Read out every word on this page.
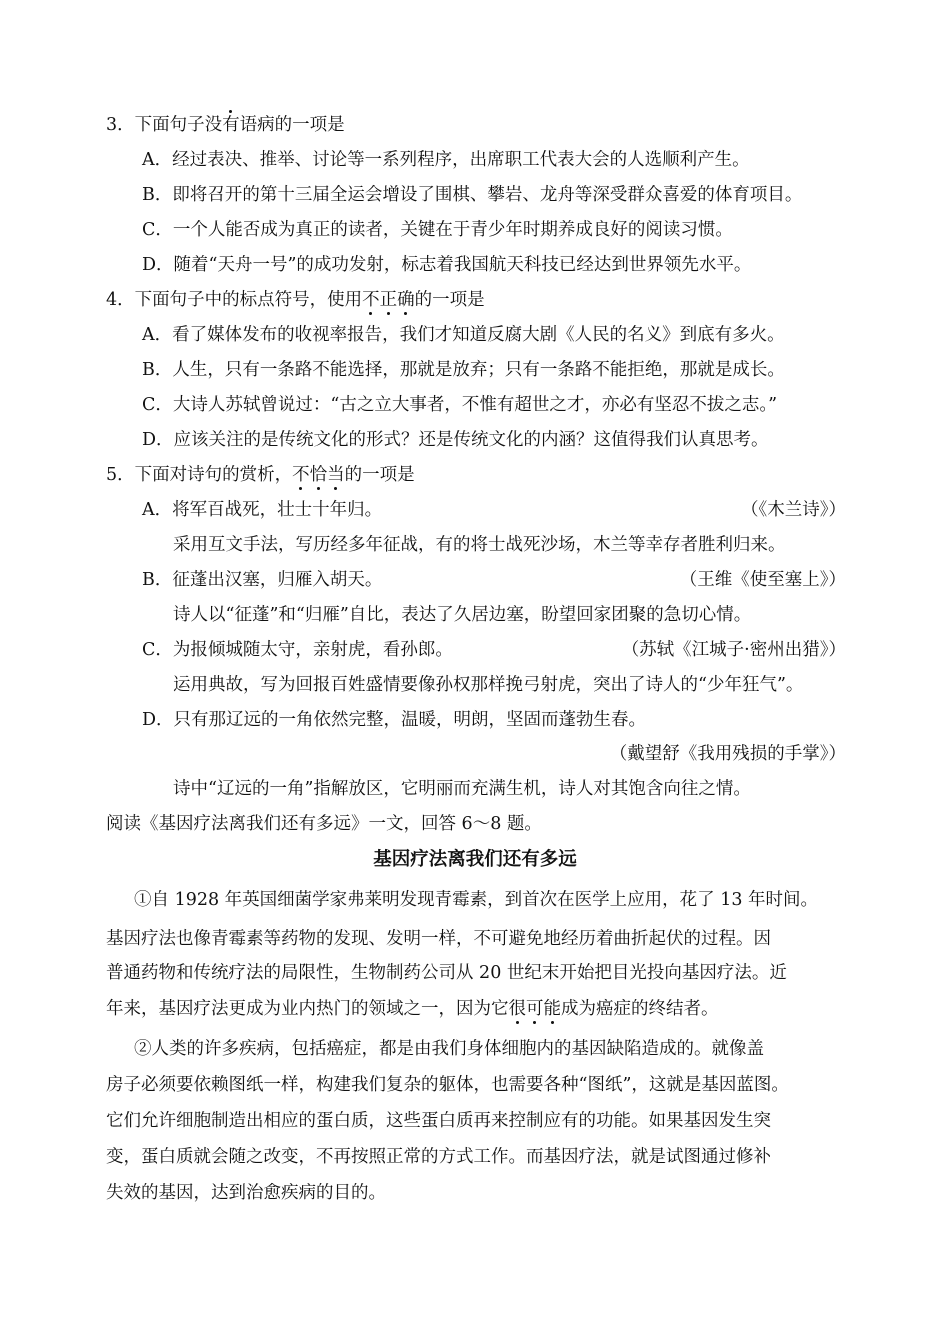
3．下面句子没有语病的一项是
A．经过表决、推举、讨论等一系列程序，出席职工代表大会的人选顺利产生。
B．即将召开的第十三届全运会增设了围棋、攀岩、龙舟等深受群众喜爱的体育项目。
C．一个人能否成为真正的读者，关键在于青少年时期养成良好的阅读习惯。
D．随着“天舟一号”的成功发射，标志着我国航天科技已经达到世界领先水平。
4．下面句子中的标点符号，使用不正确的一项是
A．看了媒体发布的收视率报告，我们才知道反腐大剧《人民的名义》到底有多火。
B．人生，只有一条路不能选择，那就是放弃；只有一条路不能拒绝，那就是成长。
C．大诗人苏轼曾说过：“古之立大事者，不惟有超世之才，亦必有坚忍不拔之志。”
D．应该关注的是传统文化的形式？还是传统文化的内涵？这值得我们认真思考。
5．下面对诗句的赏析，不恰当的一项是
A．将军百战死，壮士十年归。	（《木兰诗》）
采用互文手法，写历经多年征战，有的将士战死沙场，木兰等幸存者胜利归来。
B．征蓬出汉塞，归雁入胡天。	（王维《使至塞上》）
诗人以“征蓬”和“归雁”自比，表达了久居边塞，盼望回家团聚的急切心情。
C．为报倾城随太守，亲射虎，看孙郎。	（苏轼《江城子·密州出猎》）
运用典故，写为回报百姓盛情要像孙权那样挽弓射虎，突出了诗人的“少年狂气”。
D．只有那辽远的一角依然完整，温暖，明朗，坚固而蓬勃生春。
（戴望舒《我用残损的手掌》）
诗中“辽远的一角”指解放区，它明丽而充满生机，诗人对其饱含向往之情。
阅读《基因疗法离我们还有多远》一文，回答 6～8 题。
基因疗法离我们还有多远
①自 1928 年英国细菌学家弗莱明发现青霉素，到首次在医学上应用，花了 13 年时间。
基因疗法也像青霉素等药物的发现、发明一样，不可避免地经历着曲折起伏的过程。因
普通药物和传统疗法的局限性，生物制药公司从 20 世纪末开始把目光投向基因疗法。近
年来，基因疗法更成为业内热门的领域之一，因为它很可能成为癌症的终结者。
②人类的许多疾病，包括癌症，都是由我们身体细胞内的基因缺陷造成的。就像盖
房子必须要依赖图纸一样，构建我们复杂的躯体，也需要各种“图纸”，这就是基因蓝图。
它们允许细胞制造出相应的蛋白质，这些蛋白质再来控制应有的功能。如果基因发生突
变，蛋白质就会随之改变，不再按照正常的方式工作。而基因疗法，就是试图通过修补
失效的基因，达到治愈疾病的目的。
